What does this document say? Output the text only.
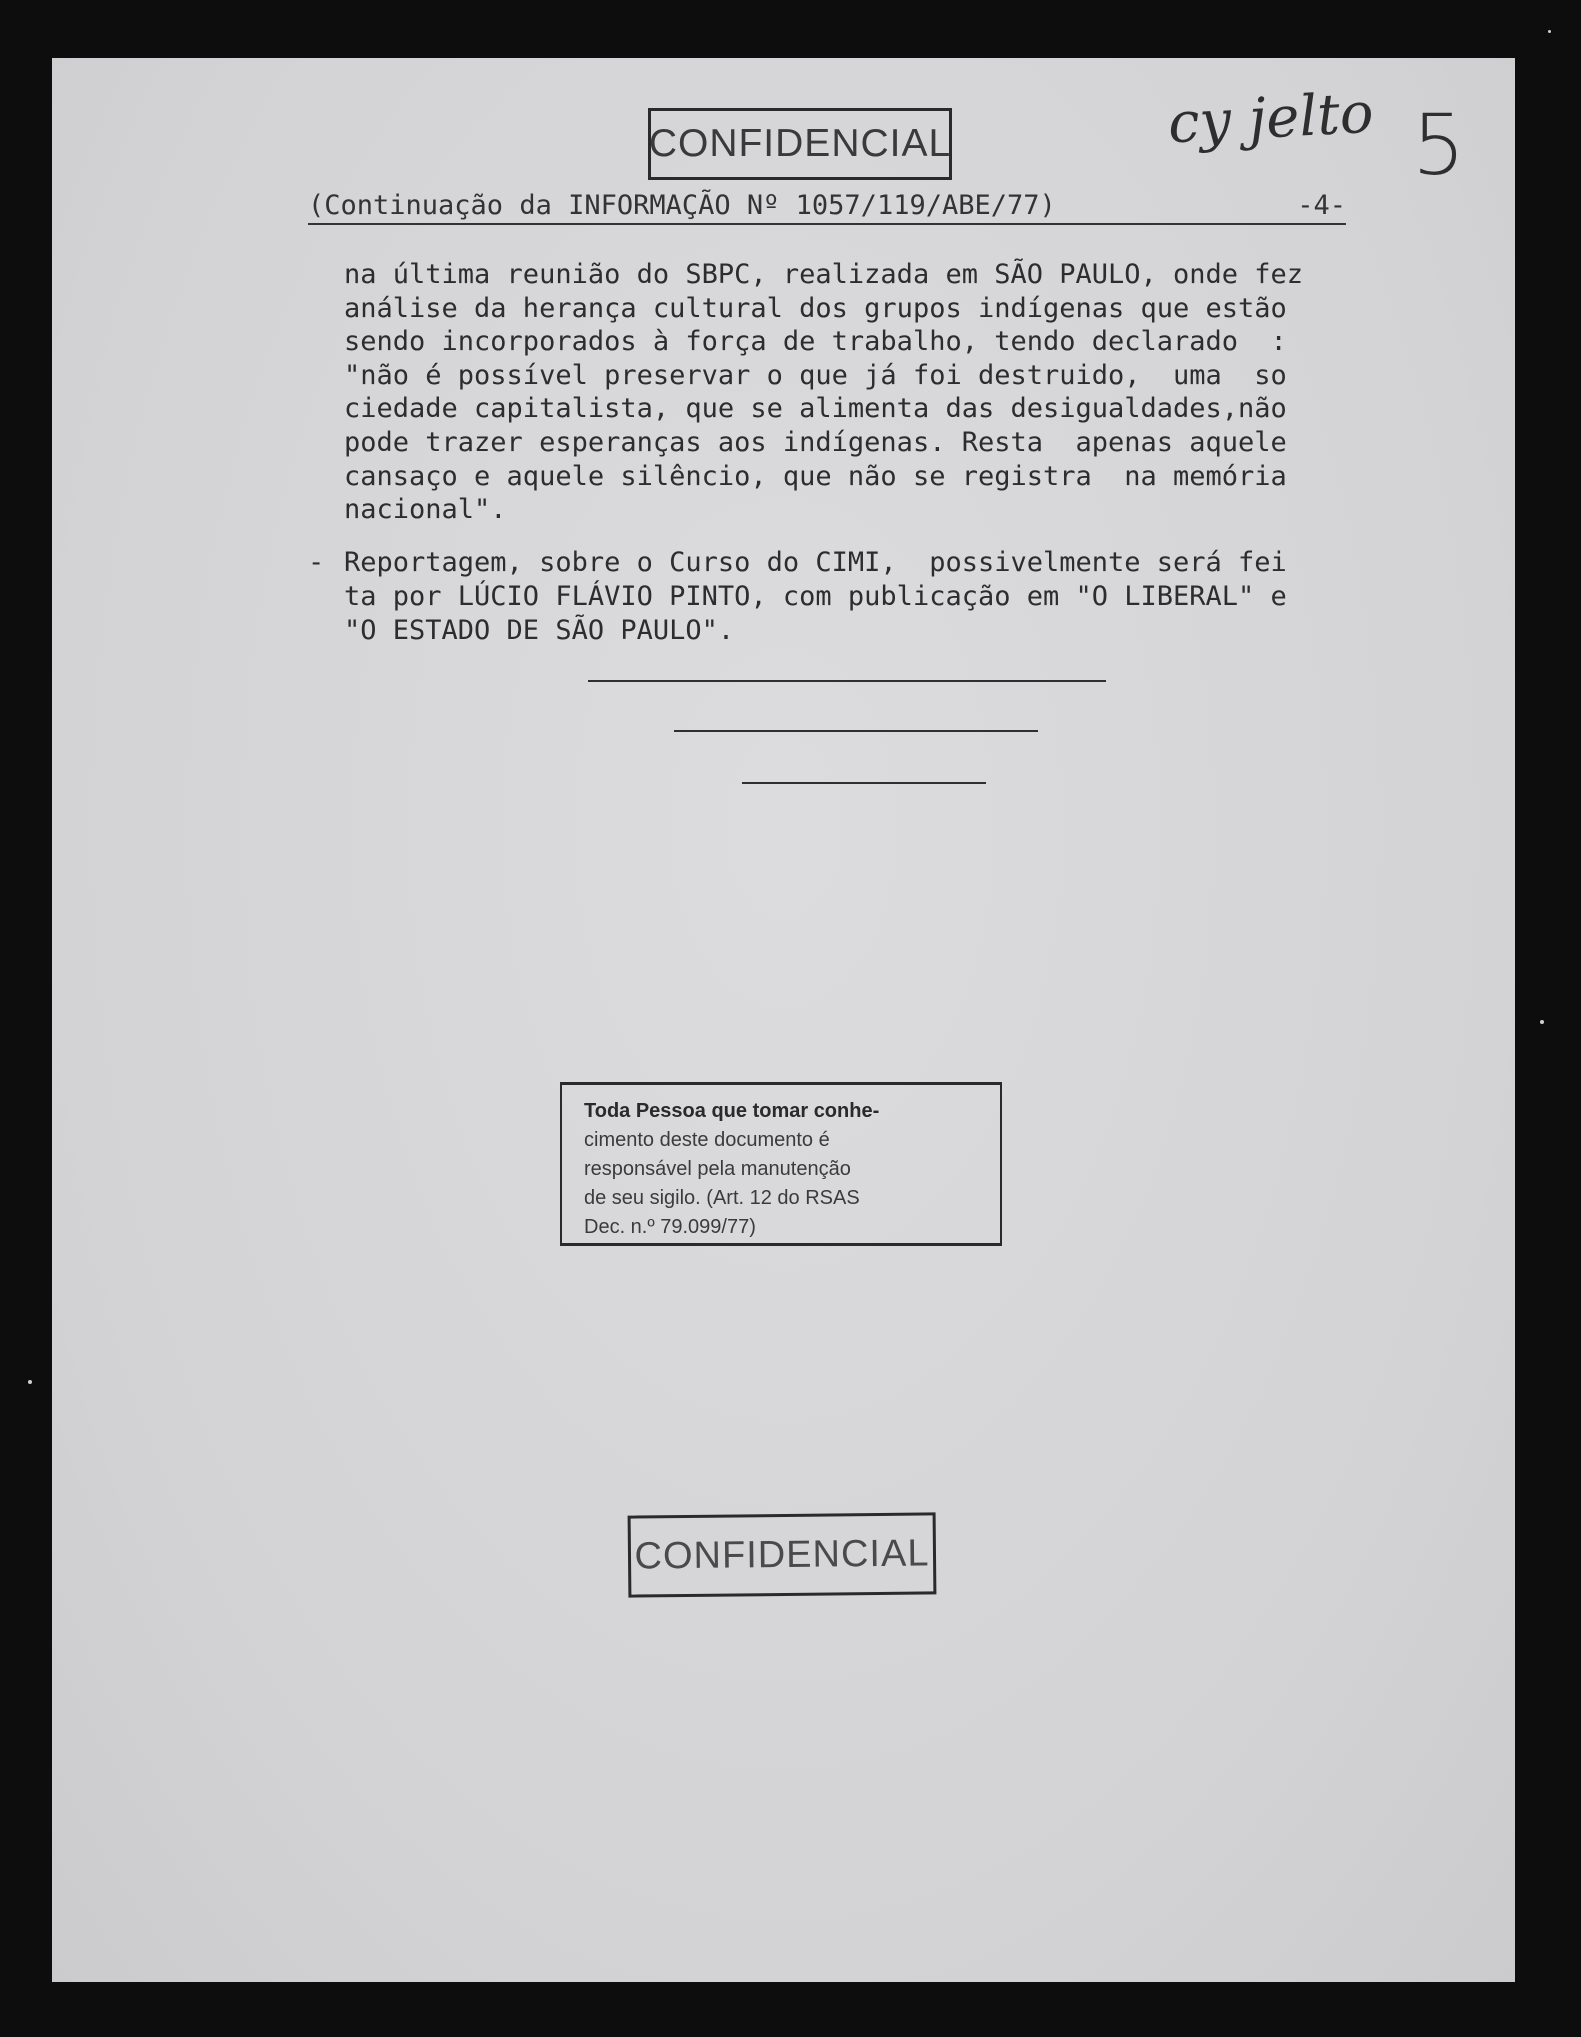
CONFIDENCIAL	cy jelto 5
(Continuação da INFORMAÇÃO Nº 1057/119/ABE/77)	-4-
na última reunião do SBPC, realizada em SÃO PAULO, onde fez
análise da herança cultural dos grupos indígenas que estão
sendo incorporados à força de trabalho, tendo declarado  :
"não é possível preservar o que já foi destruido,  uma  so
ciedade capitalista, que se alimenta das desigualdades,não
pode trazer esperanças aos indígenas. Resta  apenas aquele
cansaço e aquele silêncio, que não se registra  na memória
nacional".
- Reportagem, sobre o Curso do CIMI,  possivelmente será fei
ta por LÚCIO FLÁVIO PINTO, com publicação em "O LIBERAL" e
"O ESTADO DE SÃO PAULO".
Toda Pessoa que tomar conhe-
cimento deste documento é
responsável pela manutenção
de seu sigilo. (Art. 12 do RSAS
Dec. n.º 79.099/77)
CONFIDENCIAL
